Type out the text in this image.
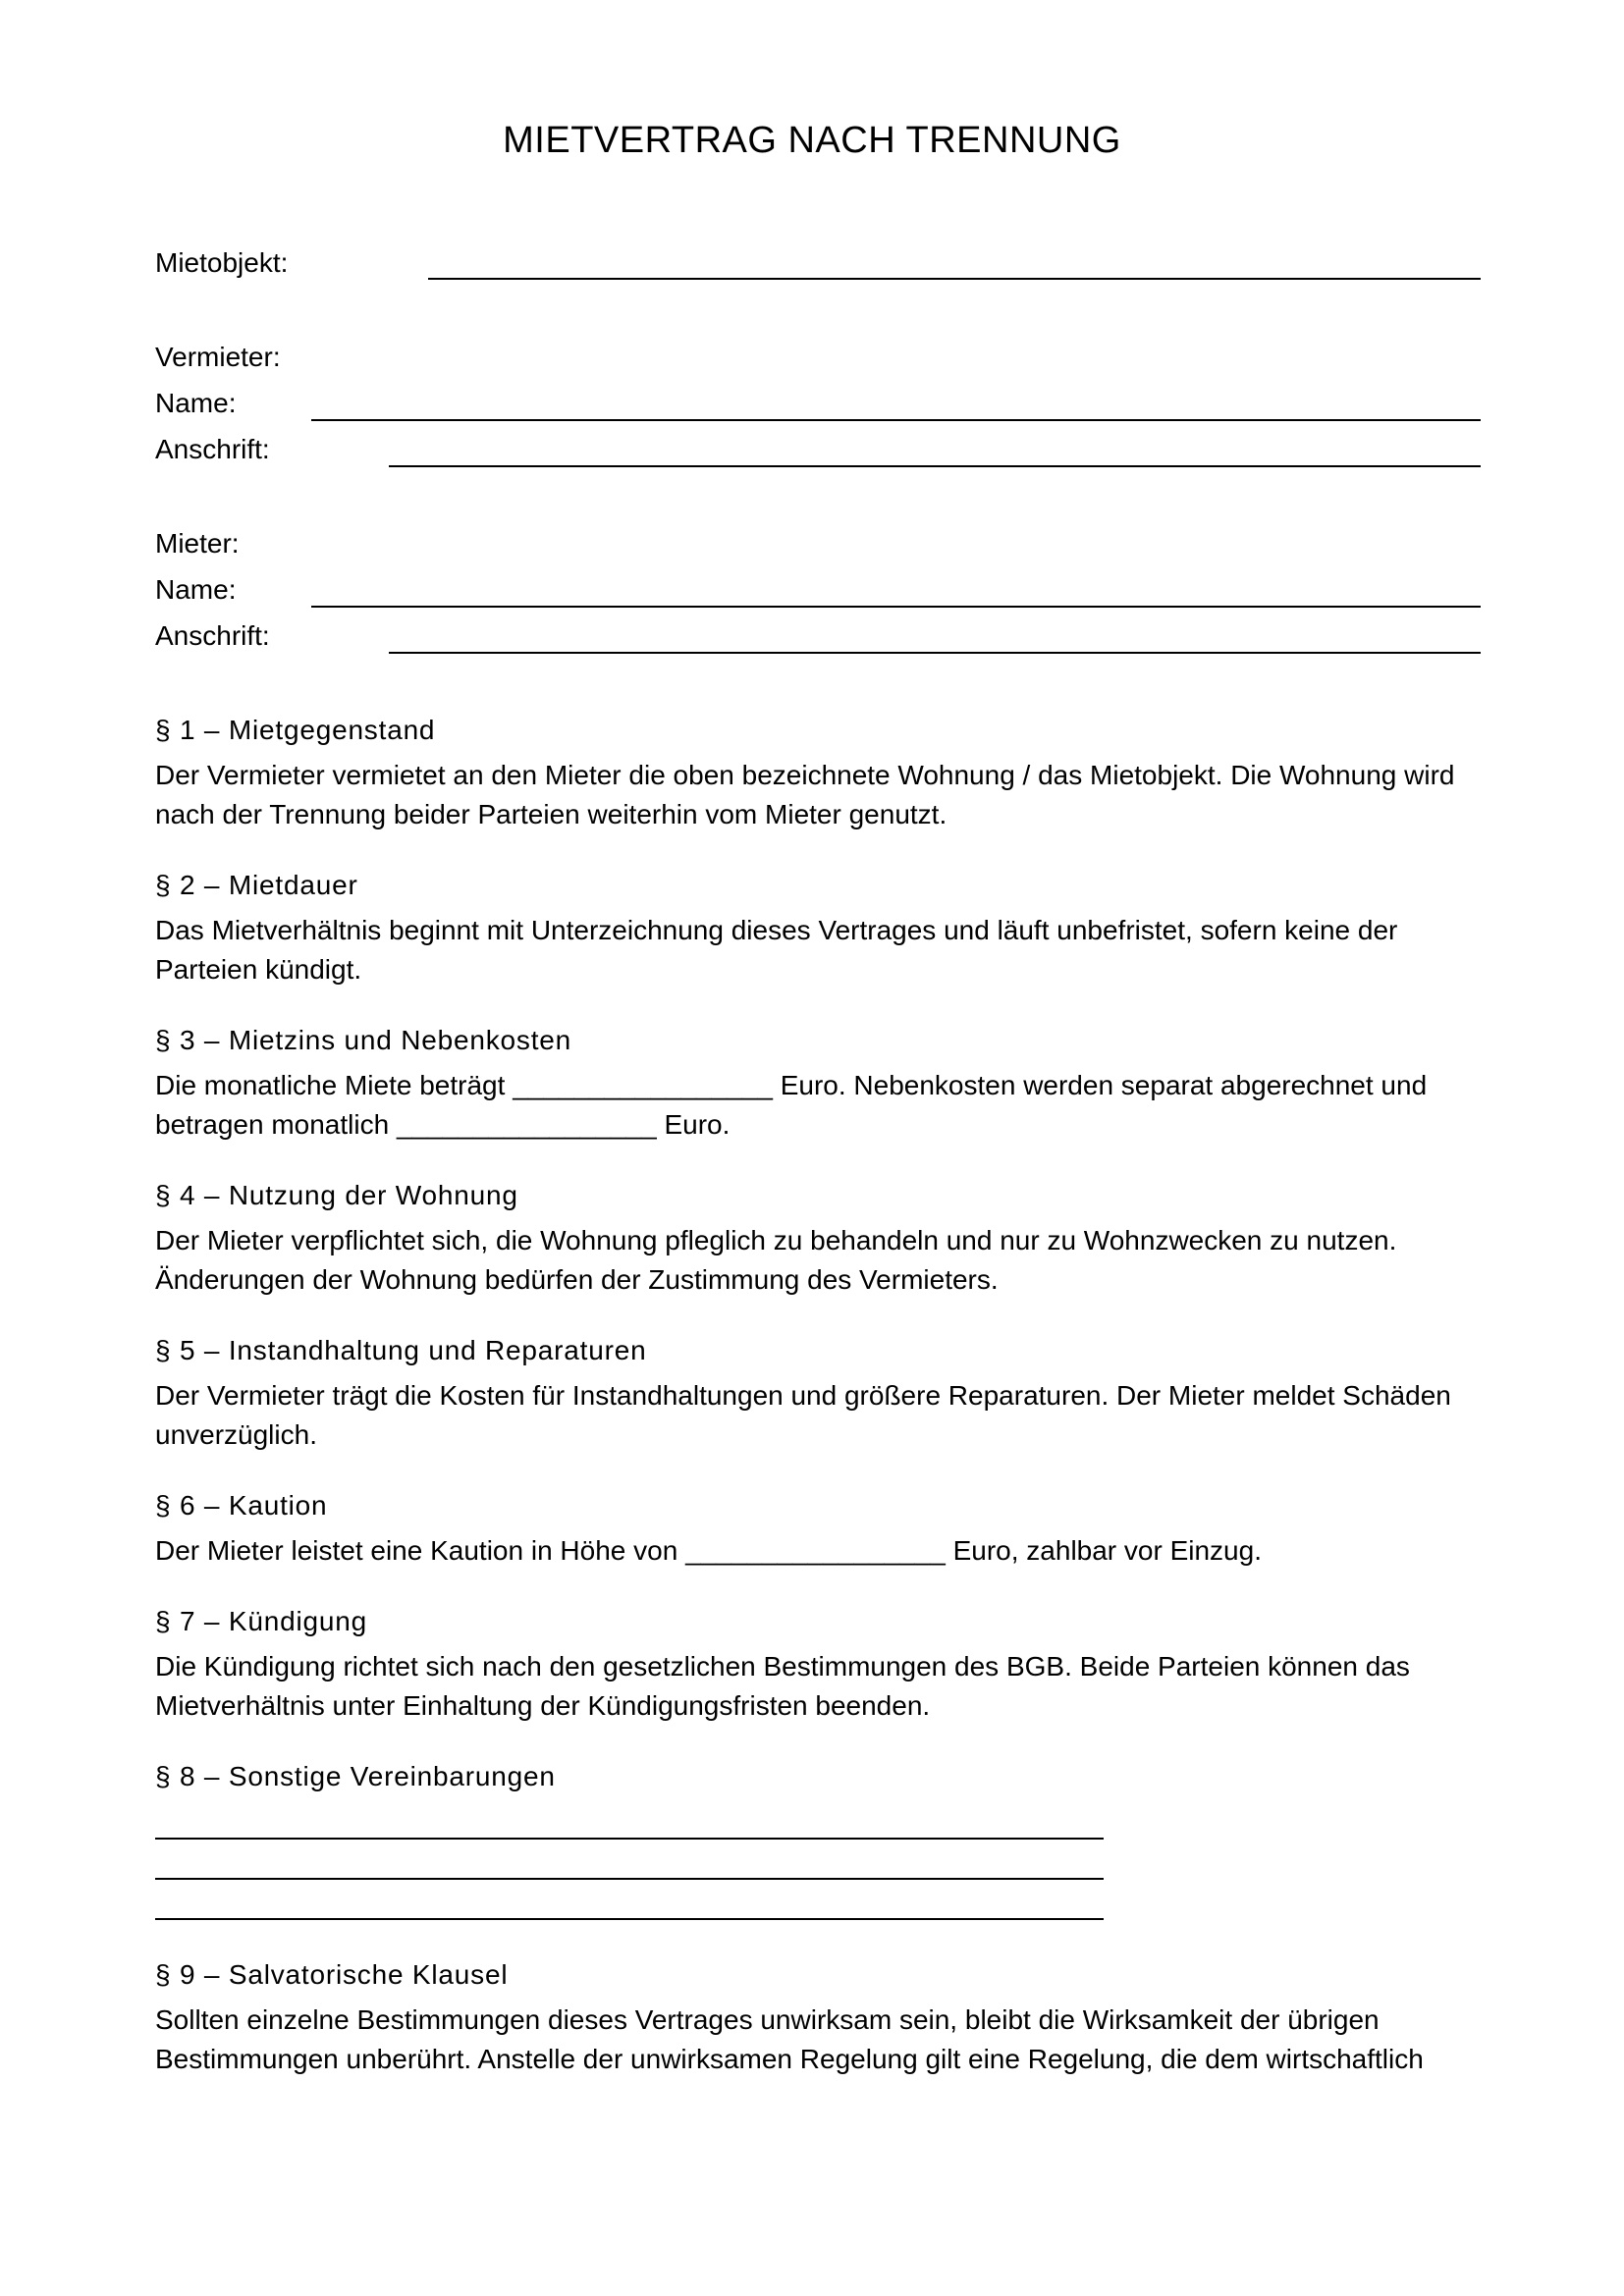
MIETVERTRAG NACH TRENNUNG
Mietobjekt:
Vermieter:
Name:
Anschrift:
Mieter:
Name:
Anschrift:
§ 1 – Mietgegenstand
Der Vermieter vermietet an den Mieter die oben bezeichnete Wohnung / das Mietobjekt. Die Wohnung wird
nach der Trennung beider Parteien weiterhin vom Mieter genutzt.
§ 2 – Mietdauer
Das Mietverhältnis beginnt mit Unterzeichnung dieses Vertrages und läuft unbefristet, sofern keine der
Parteien kündigt.
§ 3 – Mietzins und Nebenkosten
Die monatliche Miete beträgt _________________ Euro. Nebenkosten werden separat abgerechnet und
betragen monatlich _________________ Euro.
§ 4 – Nutzung der Wohnung
Der Mieter verpflichtet sich, die Wohnung pfleglich zu behandeln und nur zu Wohnzwecken zu nutzen.
Änderungen der Wohnung bedürfen der Zustimmung des Vermieters.
§ 5 – Instandhaltung und Reparaturen
Der Vermieter trägt die Kosten für Instandhaltungen und größere Reparaturen. Der Mieter meldet Schäden
unverzüglich.
§ 6 – Kaution
Der Mieter leistet eine Kaution in Höhe von _________________ Euro, zahlbar vor Einzug.
§ 7 – Kündigung
Die Kündigung richtet sich nach den gesetzlichen Bestimmungen des BGB. Beide Parteien können das
Mietverhältnis unter Einhaltung der Kündigungsfristen beenden.
§ 8 – Sonstige Vereinbarungen
§ 9 – Salvatorische Klausel
Sollten einzelne Bestimmungen dieses Vertrages unwirksam sein, bleibt die Wirksamkeit der übrigen
Bestimmungen unberührt. Anstelle der unwirksamen Regelung gilt eine Regelung, die dem wirtschaftlich
